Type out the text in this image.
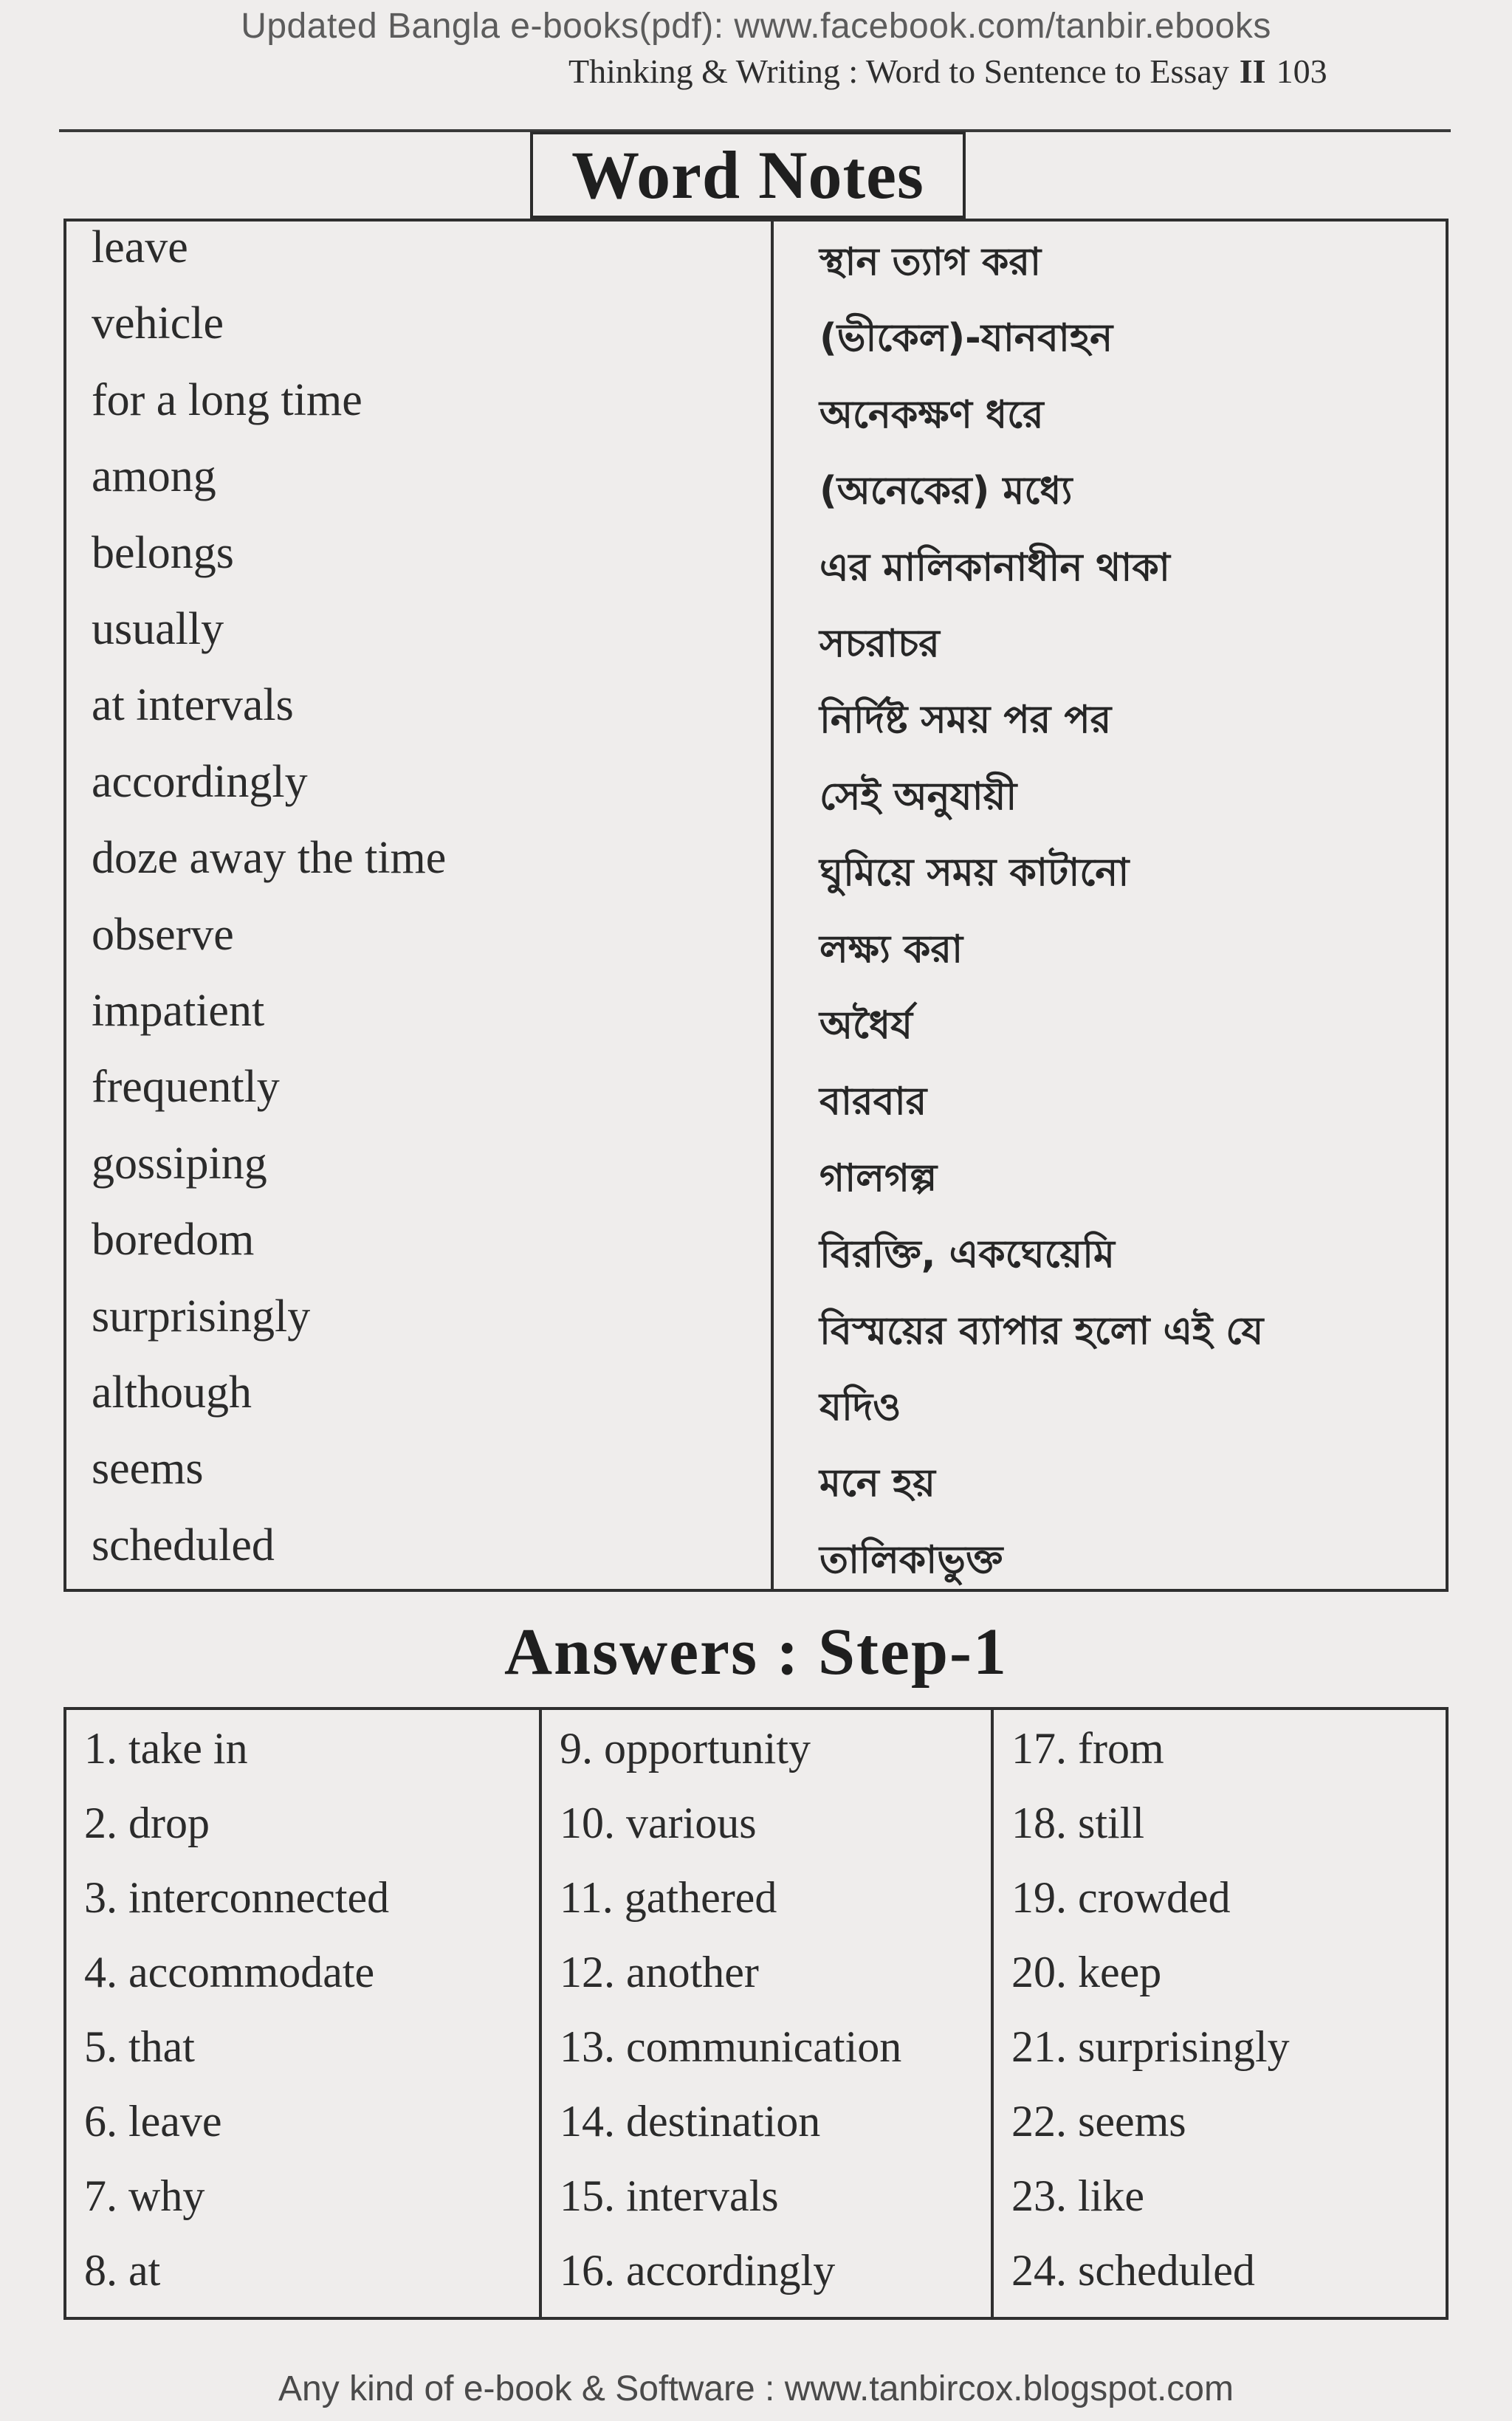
Updated Bangla e-books(pdf): www.facebook.com/tanbir.ebooks
Thinking & Writing : Word to Sentence to Essay II 103
Word Notes
leave	স্থান ত্যাগ করা
vehicle	(ভীকেল)-যানবাহন
for a long time	অনেকক্ষণ ধরে
among	(অনেকের) মধ্যে
belongs	এর মালিকানাধীন থাকা
usually	সচরাচর
at intervals	নির্দিষ্ট সময় পর পর
accordingly	সেই অনুযায়ী
doze away the time	ঘুমিয়ে সময় কাটানো
observe	লক্ষ্য করা
impatient	অধৈর্য
frequently	বারবার
gossiping	গালগল্প
boredom	বিরক্তি, একঘেয়েমি
surprisingly	বিস্ময়ের ব্যাপার হলো এই যে
although	যদিও
seems	মনে হয়
scheduled	তালিকাভুক্ত
Answers : Step-1
1. take in
2. drop
3. interconnected
4. accommodate
5. that
6. leave
7. why
8. at
9. opportunity
10. various
11. gathered
12. another
13. communication
14. destination
15. intervals
16. accordingly
17. from
18. still
19. crowded
20. keep
21. surprisingly
22. seems
23. like
24. scheduled
Any kind of e-book & Software : www.tanbircox.blogspot.com
